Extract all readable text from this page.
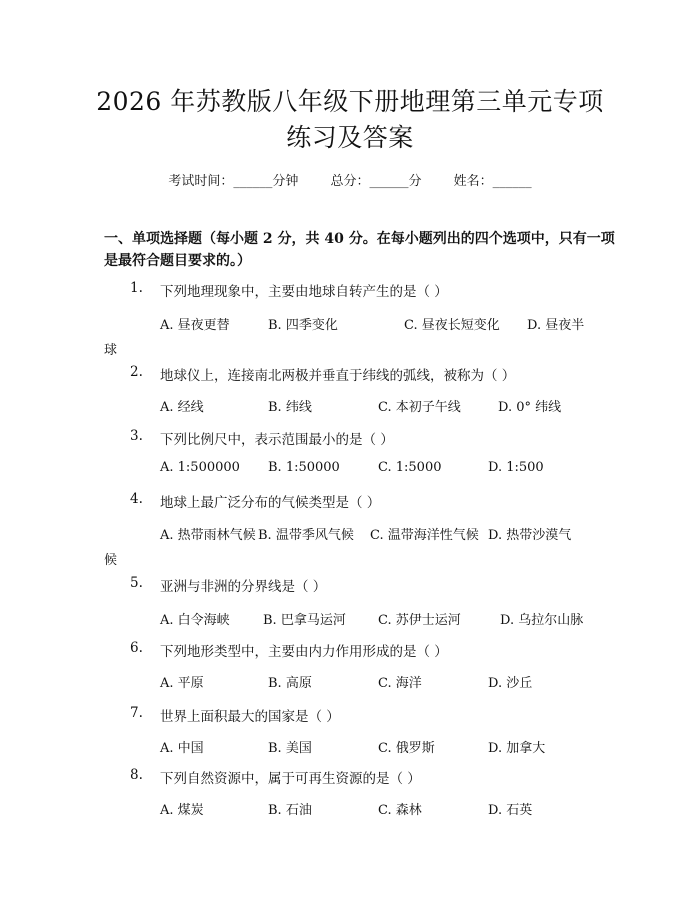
2026 年苏教版八年级下册地理第三单元专项
练习及答案
考试时间：______分钟 总分：______分 姓名：______
一、单项选择题（每小题 2 分，共 40 分。在每小题列出的四个选项中，只有一项是最符合题目要求的。）
1. 下列地理现象中，主要由地球自转产生的是（ ）
A. 昼夜更替	B. 四季变化	C. 昼夜长短变化 D. 昼夜半
球
2. 地球仪上，连接南北两极并垂直于纬线的弧线，被称为（ ）
A. 经线	B. 纬线	C. 本初子午线	D. 0° 纬线
3. 下列比例尺中，表示范围最小的是（ ）
A. 1:500000 B. 1:50000	C. 1:5000	D. 1:500
4. 地球上最广泛分布的气候类型是（ ）
A. 热带雨林气候 B. 温带季风气候 C. 温带海洋性气候 D. 热带沙漠气
候
5. 亚洲与非洲的分界线是（ ）
A. 白令海峡	B. 巴拿马运河 C. 苏伊士运河	D. 乌拉尔山脉
6. 下列地形类型中，主要由内力作用形成的是（ ）
A. 平原	B. 高原	C. 海洋	D. 沙丘
7. 世界上面积最大的国家是（ ）
A. 中国	B. 美国	C. 俄罗斯	D. 加拿大
8. 下列自然资源中，属于可再生资源的是（ ）
A. 煤炭	B. 石油	C. 森林	D. 石英
